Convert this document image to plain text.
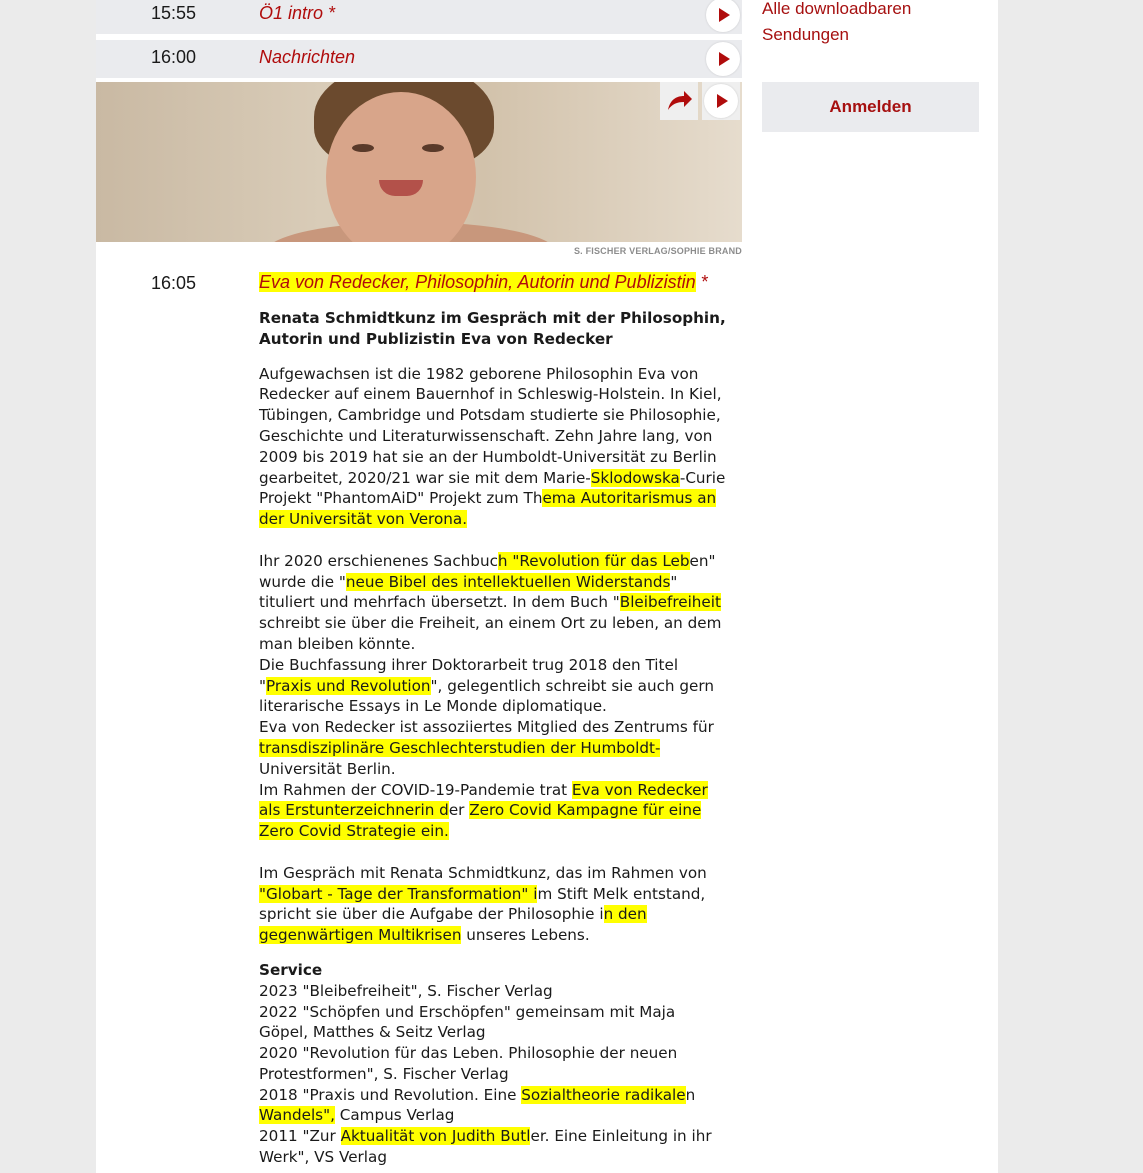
15:55	Ö1 intro *
16:00	Nachrichten
S. FISCHER VERLAG/SOPHIE BRAND
16:05	Eva von Redecker, Philosophin, Autorin und Publizistin *

Renata Schmidtkunz im Gespräch mit der Philosophin, Autorin und Publizistin Eva von Redecker

Aufgewachsen ist die 1982 geborene Philosophin Eva von Redecker auf einem Bauernhof in Schleswig-Holstein. In Kiel, Tübingen, Cambridge und Potsdam studierte sie Philosophie, Geschichte und Literaturwissenschaft. Zehn Jahre lang, von 2009 bis 2019 hat sie an der Humboldt-Universität zu Berlin gearbeitet, 2020/21 war sie mit dem Marie-Sklodowska-Curie Projekt "PhantomAiD" Projekt zum Thema Autoritarismus an der Universität von Verona.

Ihr 2020 erschienenes Sachbuch "Revolution für das Leben" wurde die "neue Bibel des intellektuellen Widerstands" tituliert und mehrfach übersetzt. In dem Buch "Bleibefreiheit schreibt sie über die Freiheit, an einem Ort zu leben, an dem man bleiben könnte.

Die Buchfassung ihrer Doktorarbeit trug 2018 den Titel "Praxis und Revolution", gelegentlich schreibt sie auch gern literarische Essays in Le Monde diplomatique.

Eva von Redecker ist assoziiertes Mitglied des Zentrums für transdisziplinäre Geschlechterstudien der Humboldt-Universität Berlin.

Im Rahmen der COVID-19-Pandemie trat Eva von Redecker als Erstunterzeichnerin der Zero Covid Kampagne für eine Zero Covid Strategie ein.

Im Gespräch mit Renata Schmidtkunz, das im Rahmen von "Globart - Tage der Transformation" im Stift Melk entstand, spricht sie über die Aufgabe der Philosophie in den gegenwärtigen Multikrisen unseres Lebens.

Service

2023 "Bleibefreiheit", S. Fischer Verlag

2022 "Schöpfen und Erschöpfen" gemeinsam mit Maja Göpel, Matthes & Seitz Verlag

2020 "Revolution für das Leben. Philosophie der neuen Protestformen", S. Fischer Verlag

2018 "Praxis und Revolution. Eine Sozialtheorie radikalen Wandels", Campus Verlag

2011 "Zur Aktualität von Judith Butler. Eine Einleitung in ihr Werk", VS Verlag

Alle downloadbaren
Sendungen
Anmelden
